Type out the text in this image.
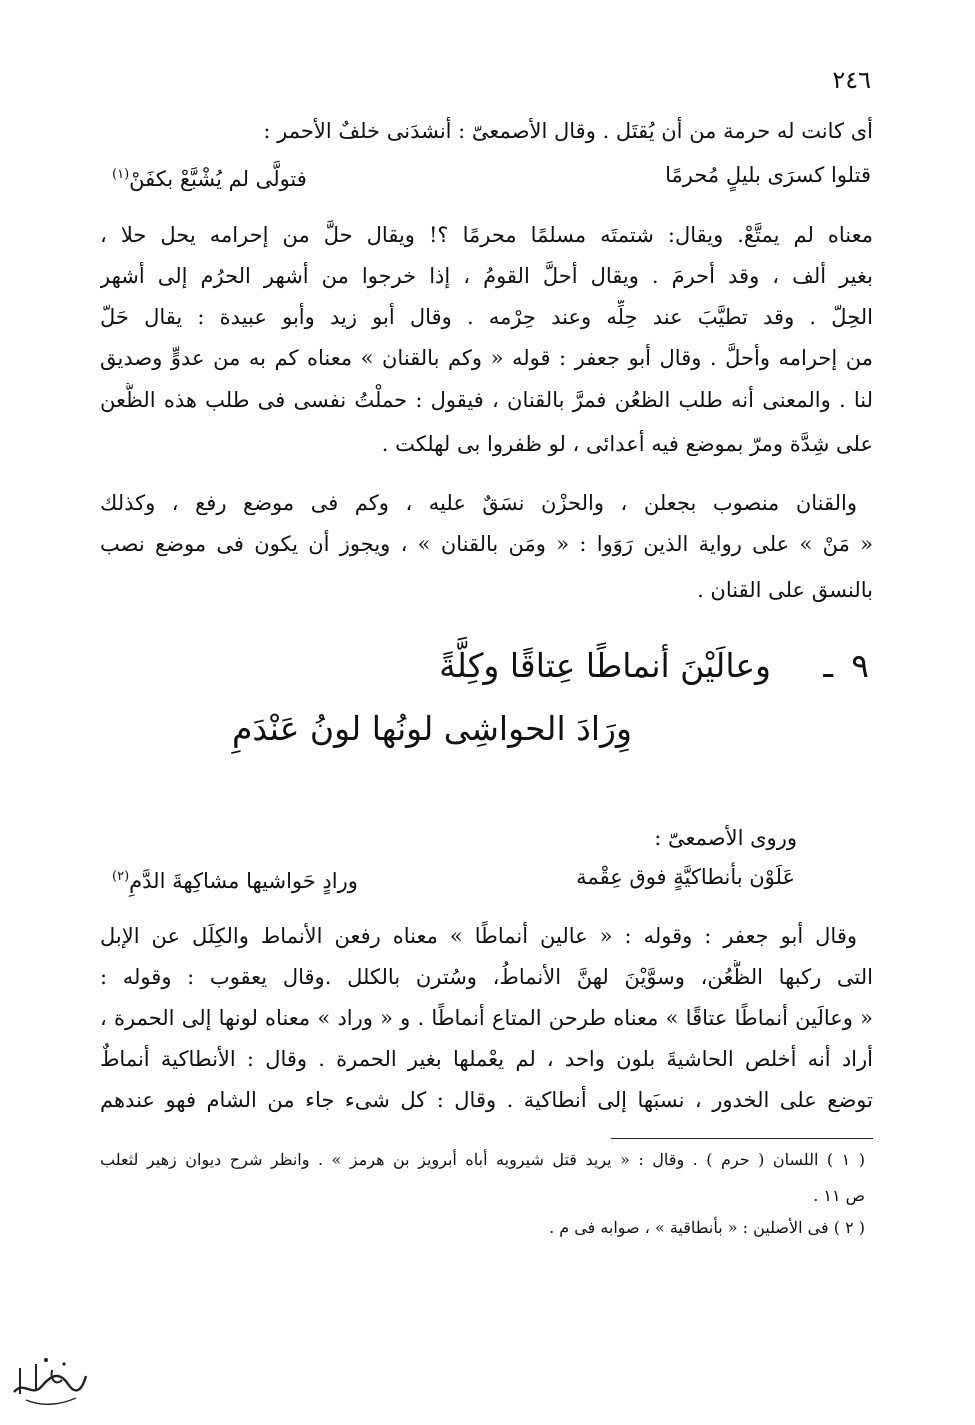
٢٤٦
أى كانت له حرمة من أن يُقتَل . وقال الأصمعىّ : أنشدَنى خلفٌ الأحمر :
قتلوا كسرَى بليلٍ مُحرمًا
فتولَّى لم يُشْبَّعْ بكفَنْ$^{(١)}$
معناه لم يمتَّعْ. ويقال: شتمتَه مسلمًا محرمًا ؟! ويقال حلَّ من إحرامه يحل حلا ،
بغير ألف ، وقد أحرمَ . ويقال أحلَّ القومُ ، إذا خرجوا من أشهر الحرُم إلى أشهر
الحِلّ . وقد تطيَّبَ عند حِلِّه وعند حِرْمه . وقال أبو زيد وأبو عبيدة : يقال حَلّ
من إحرامه وأحلَّ . وقال أبو جعفر : قوله « وكم بالقنان » معناه كم به من عدوٍّ وصديق
لنا . والمعنى أنه طلب الظعُن فمرَّ بالقنان ، فيقول : حملْتُ نفسى فى طلب هذه الظُّعن
على شِدَّة ومرّ بموضع فيه أعدائى ، لو ظفروا بى لهلكت .
والقنان منصوب بجعلن ، والحزْن نسَقٌ عليه ، وكم فى موضع رفع ، وكذلك
« مَنْ » على رواية الذين رَوَوا : « ومَن بالقنان » ، ويجوز أن يكون فى موضع نصب
بالنسق على القنان .
٩
ـ
وعالَيْنَ أنماطًا عِتاقًا وكِلَّةً
وِرَادَ الحواشِى لونُها لونُ عَنْدَمِ
وروى الأصمعىّ :
عَلَوْن بأنطاكيَّةٍ فوق عِقْمة
ورادٍ حَواشيها مشاكِهةَ الدَّمِ$^{(٢)}$
وقال أبو جعفر : وقوله : « عالين أنماطًا » معناه رفعن الأنماط والكِلَل عن الإبل
التى ركبها الظُّعُن، وسوَّيْنَ لهنَّ الأنماطُ، وسُترن بالكلل .وقال يعقوب : وقوله :
« وعالَين أنماطًا عتاقًا » معناه طرحن المتاع أنماطًا . و « وراد » معناه لونها إلى الحمرة ،
أراد أنه أخلص الحاشيةَ بلون واحد ، لم يعْملها بغير الحمرة . وقال : الأنطاكية أنماطٌ
توضع على الخدور ، نسبَها إلى أنطاكية . وقال : كل شىء جاء من الشام فهو عندهم
( ١ ) اللسان ( حرم ) . وقال : « يريد قتل شيرويه أباه أبرويز بن هرمز » . وانظر شرح ديوان زهير لثعلب
ص ١١ .
( ٢ ) فى الأصلين : « بأنطاقية » ، صوابه فى م .
